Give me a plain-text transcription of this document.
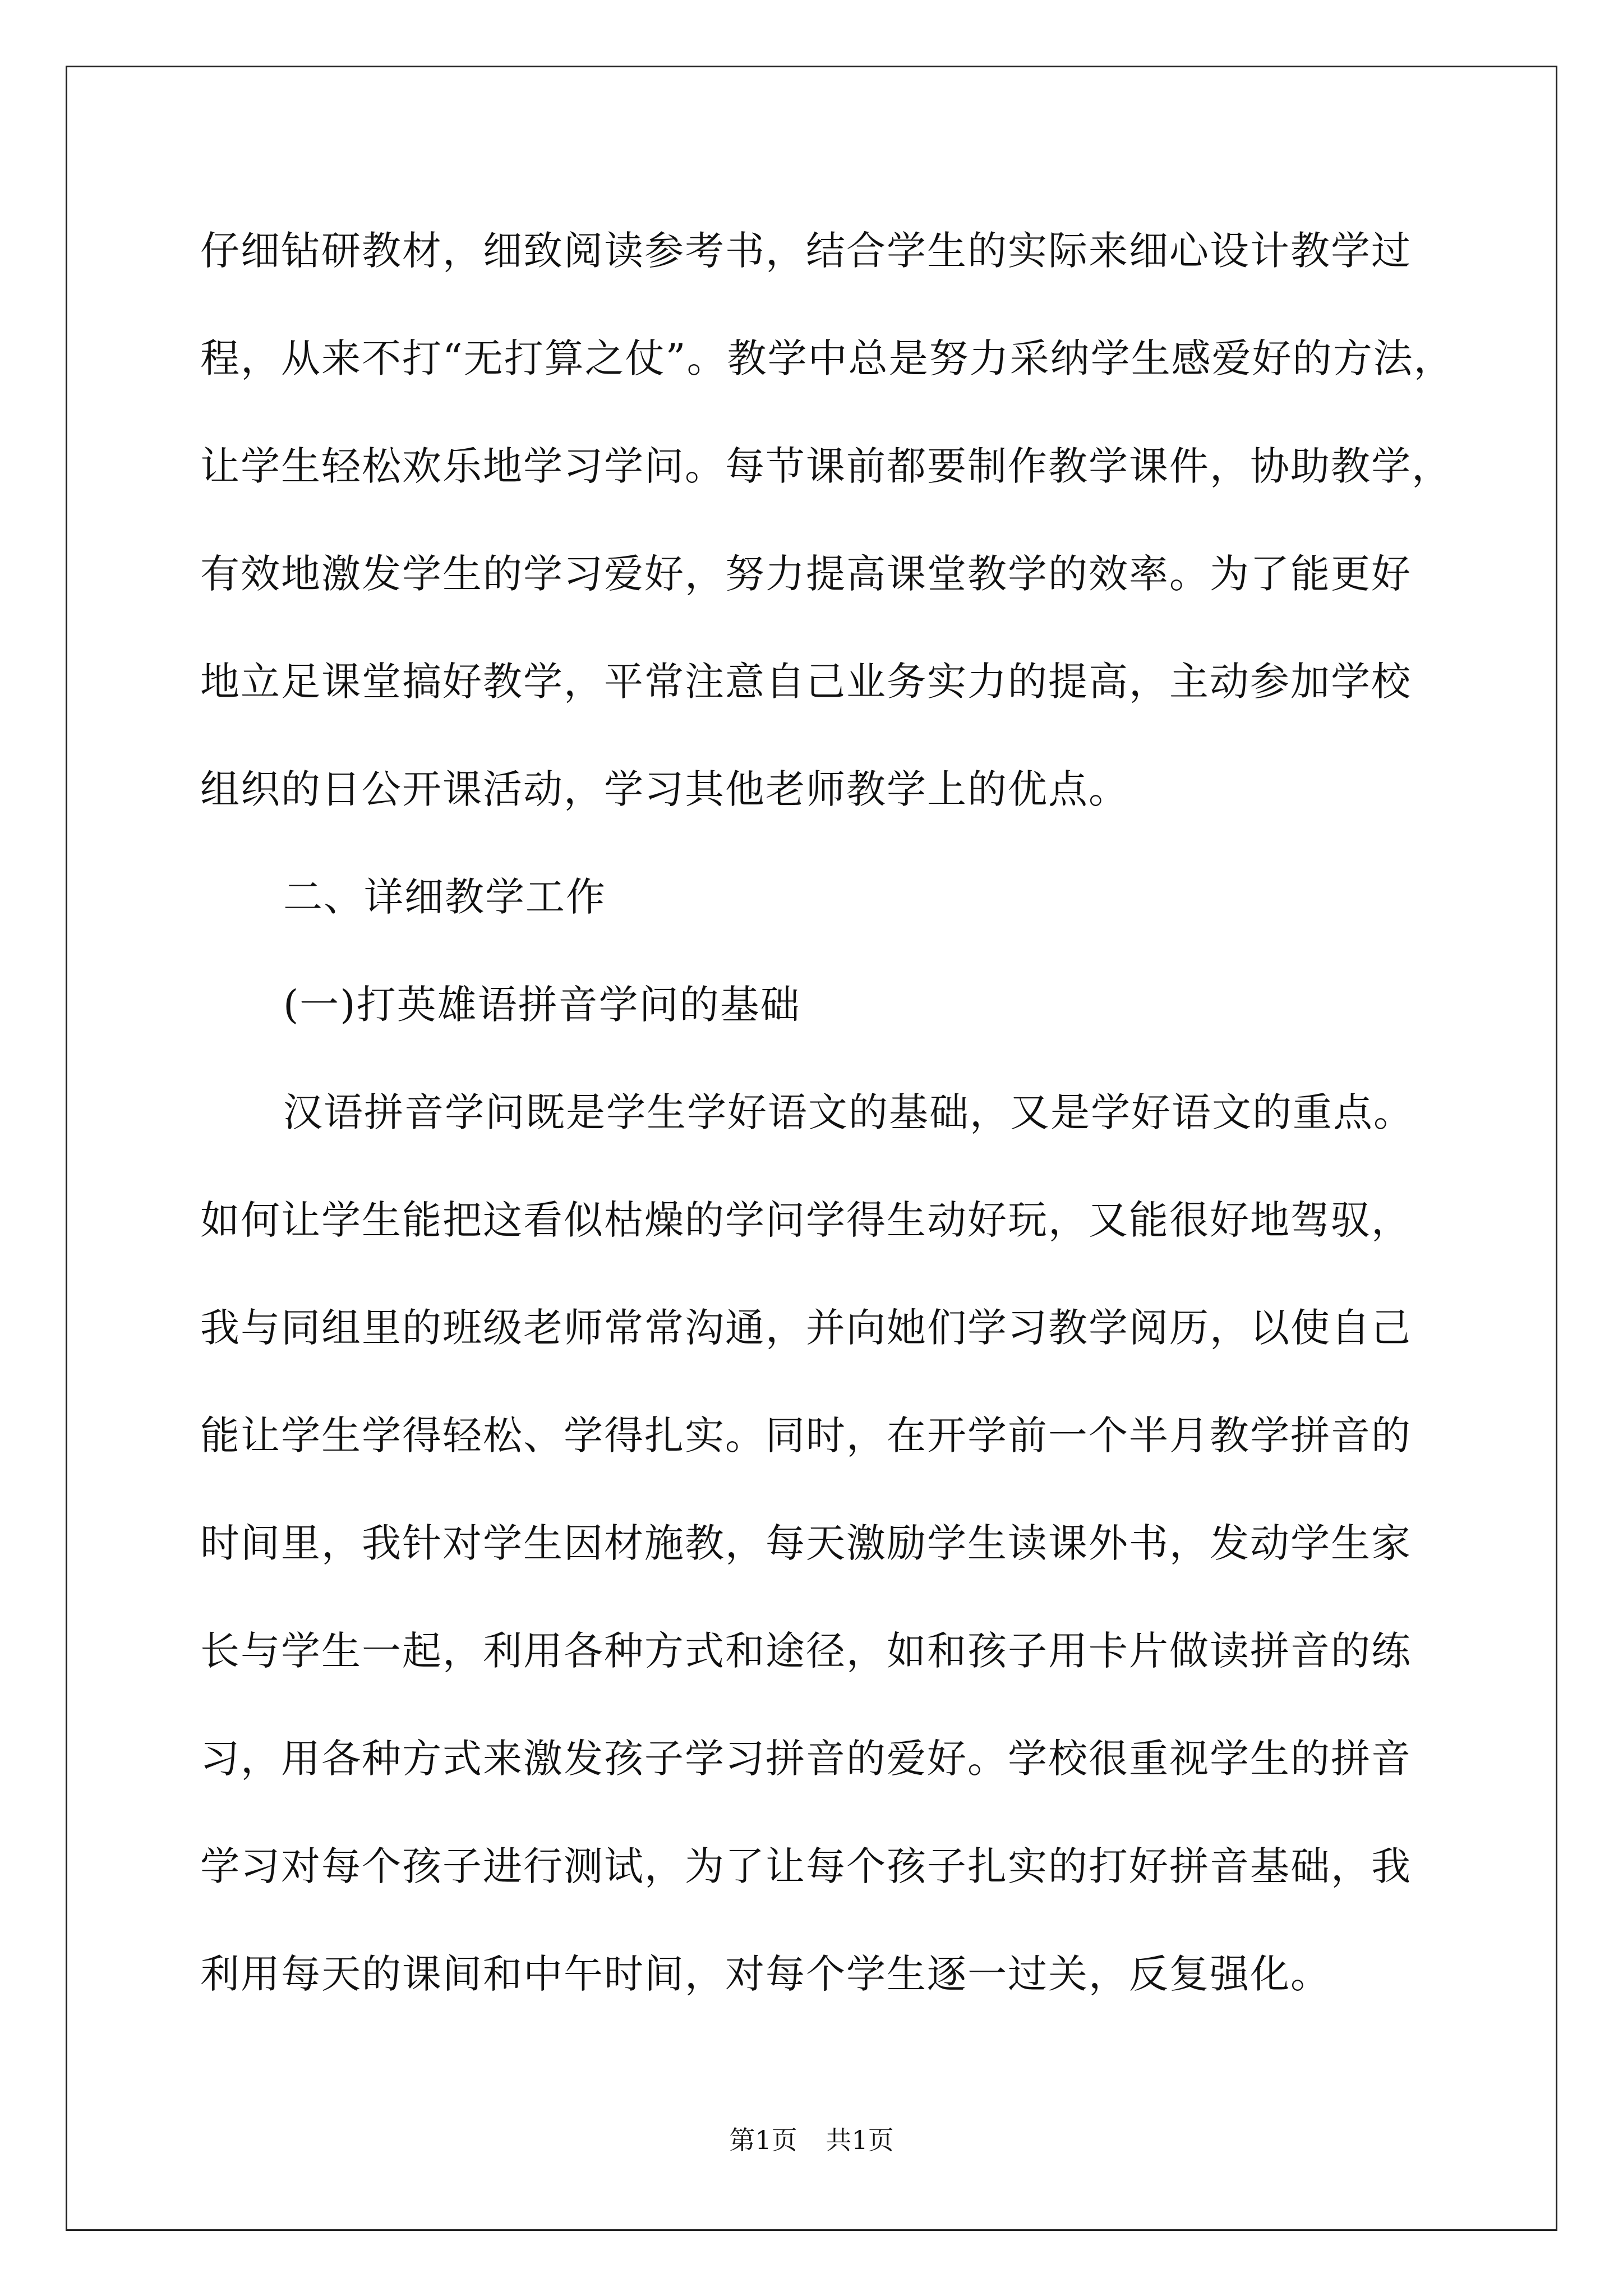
仔细钻研教材，细致阅读参考书，结合学生的实际来细心设计教学过
程，从来不打“无打算之仗”。教学中总是努力采纳学生感爱好的方法，
让学生轻松欢乐地学习学问。每节课前都要制作教学课件，协助教学，
有效地激发学生的学习爱好，努力提高课堂教学的效率。为了能更好
地立足课堂搞好教学，平常注意自己业务实力的提高，主动参加学校
组织的日公开课活动，学习其他老师教学上的优点。
二、详细教学工作
(一)打英雄语拼音学问的基础
汉语拼音学问既是学生学好语文的基础，又是学好语文的重点。
如何让学生能把这看似枯燥的学问学得生动好玩，又能很好地驾驭，
我与同组里的班级老师常常沟通，并向她们学习教学阅历，以使自己
能让学生学得轻松、学得扎实。同时，在开学前一个半月教学拼音的
时间里，我针对学生因材施教，每天激励学生读课外书，发动学生家
长与学生一起，利用各种方式和途径，如和孩子用卡片做读拼音的练
习，用各种方式来激发孩子学习拼音的爱好。学校很重视学生的拼音
学习对每个孩子进行测试，为了让每个孩子扎实的打好拼音基础，我
利用每天的课间和中午时间，对每个学生逐一过关，反复强化。
第1页 共1页
